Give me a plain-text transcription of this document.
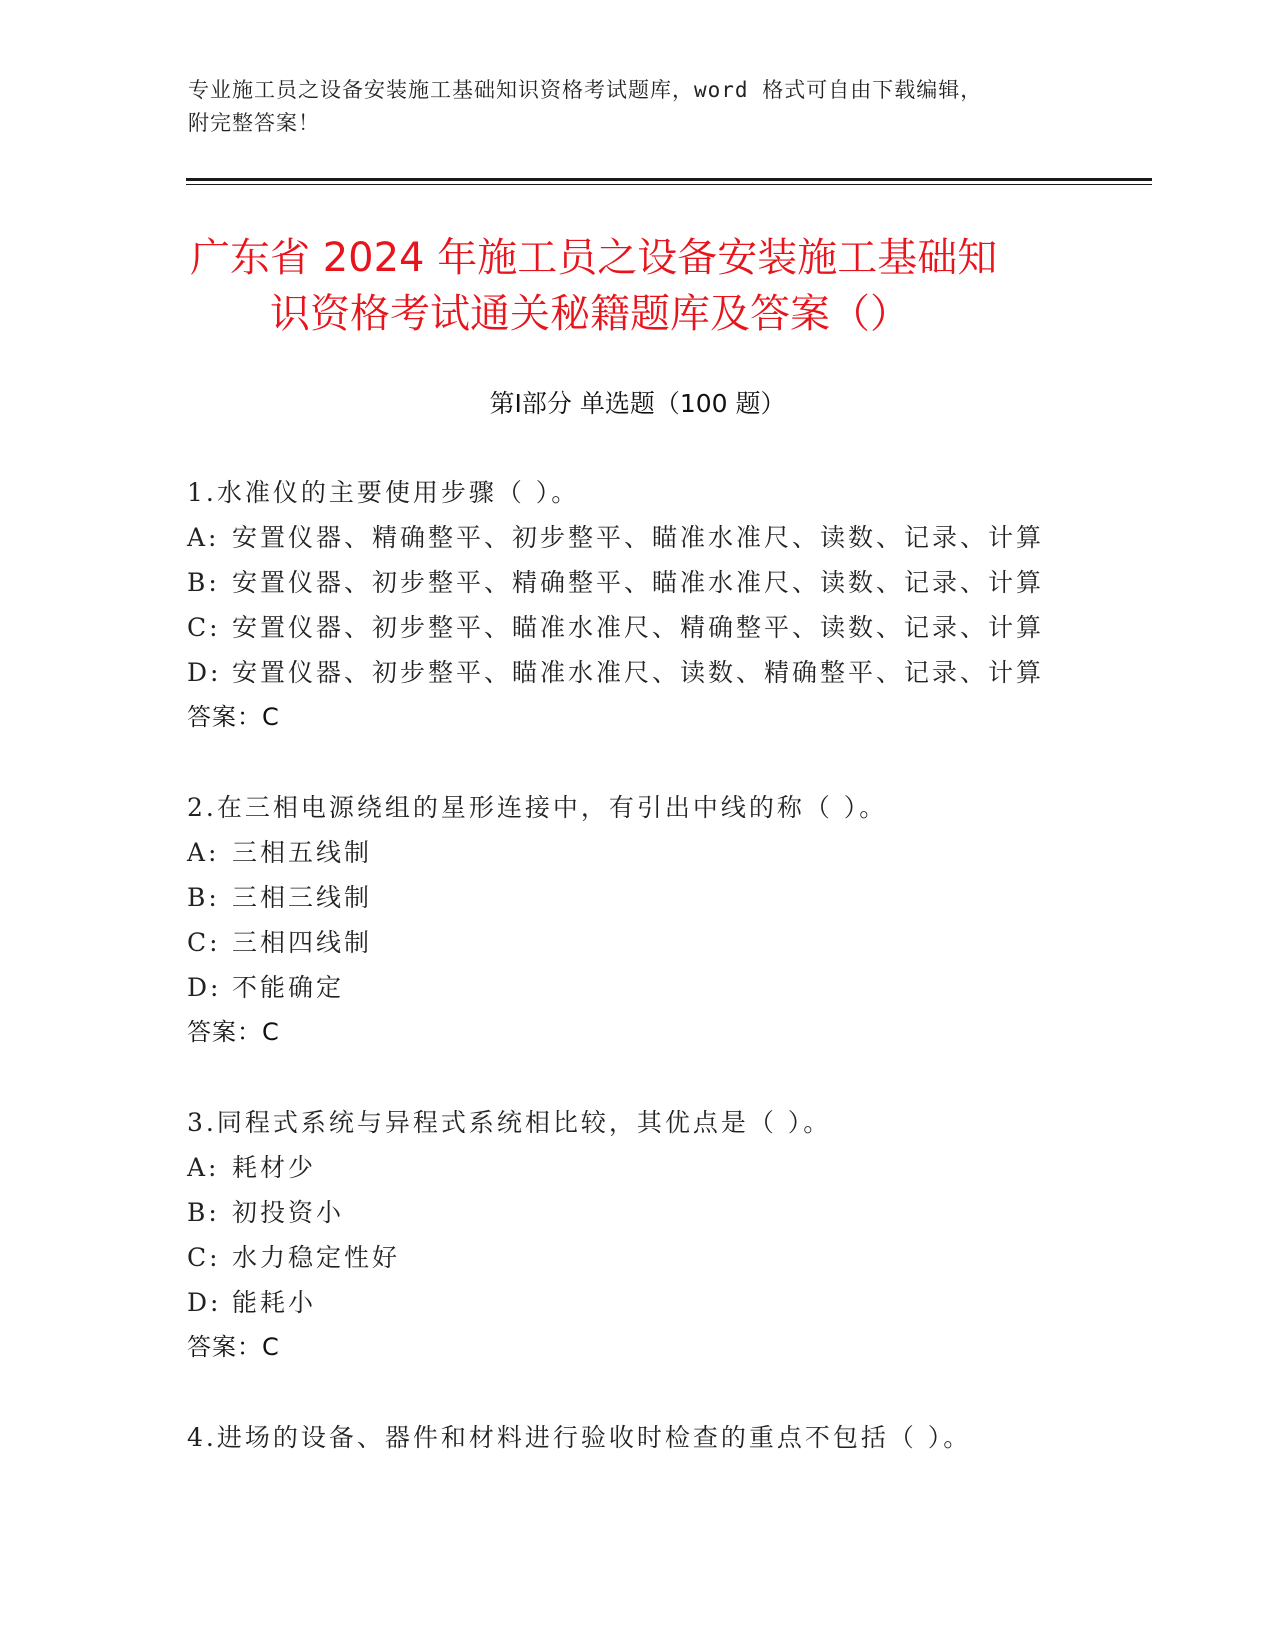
专业施工员之设备安装施工基础知识资格考试题库，word 格式可自由下载编辑，
附完整答案！
广东省 2024 年施工员之设备安装施工基础知
识资格考试通关秘籍题库及答案（）
第Ⅰ部分 单选题（100 题）
1.水准仪的主要使用步骤（ ）。
A: 安置仪器、精确整平、初步整平、瞄准水准尺、读数、记录、计算
B: 安置仪器、初步整平、精确整平、瞄准水准尺、读数、记录、计算
C: 安置仪器、初步整平、瞄准水准尺、精确整平、读数、记录、计算
D: 安置仪器、初步整平、瞄准水准尺、读数、精确整平、记录、计算
答案：C
2.在三相电源绕组的星形连接中，有引出中线的称（ ）。
A: 三相五线制
B: 三相三线制
C: 三相四线制
D: 不能确定
答案：C
3.同程式系统与异程式系统相比较，其优点是（ ）。
A: 耗材少
B: 初投资小
C: 水力稳定性好
D: 能耗小
答案：C
4.进场的设备、器件和材料进行验收时检查的重点不包括（ ）。
